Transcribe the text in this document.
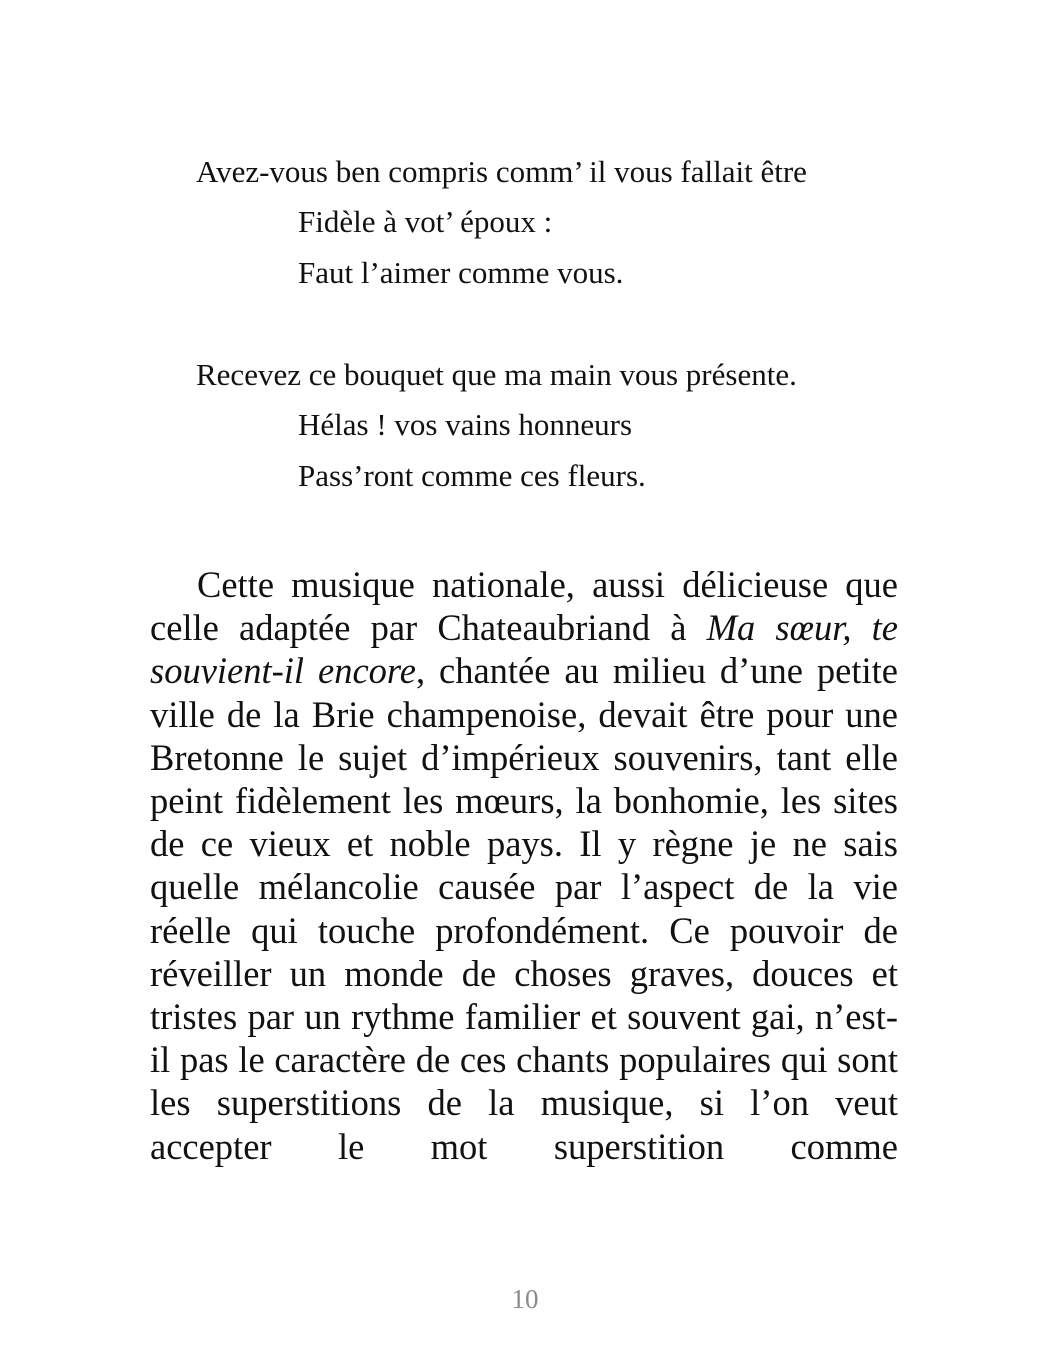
Avez-vous ben compris comm’ il vous fallait être
Fidèle à vot’ époux :
Faut l’aimer comme vous.
Recevez ce bouquet que ma main vous présente.
Hélas ! vos vains honneurs
Pass’ront comme ces fleurs.

Cette musique nationale, aussi délicieuse que celle adaptée par Chateaubriand à Ma sœur, te souvient-il encore, chantée au milieu d’une petite ville de la Brie champenoise, devait être pour une Bretonne le sujet d’impérieux souvenirs, tant elle peint fidèlement les mœurs, la bonhomie, les sites de ce vieux et noble pays. Il y règne je ne sais quelle mélancolie causée par l’aspect de la vie réelle qui touche profondément. Ce pouvoir de réveiller un monde de choses graves, douces et tristes par un rythme familier et souvent gai, n’est-il pas le caractère de ces chants populaires qui sont les superstitions de la musique, si l’on veut accepter le mot superstition comme

10
